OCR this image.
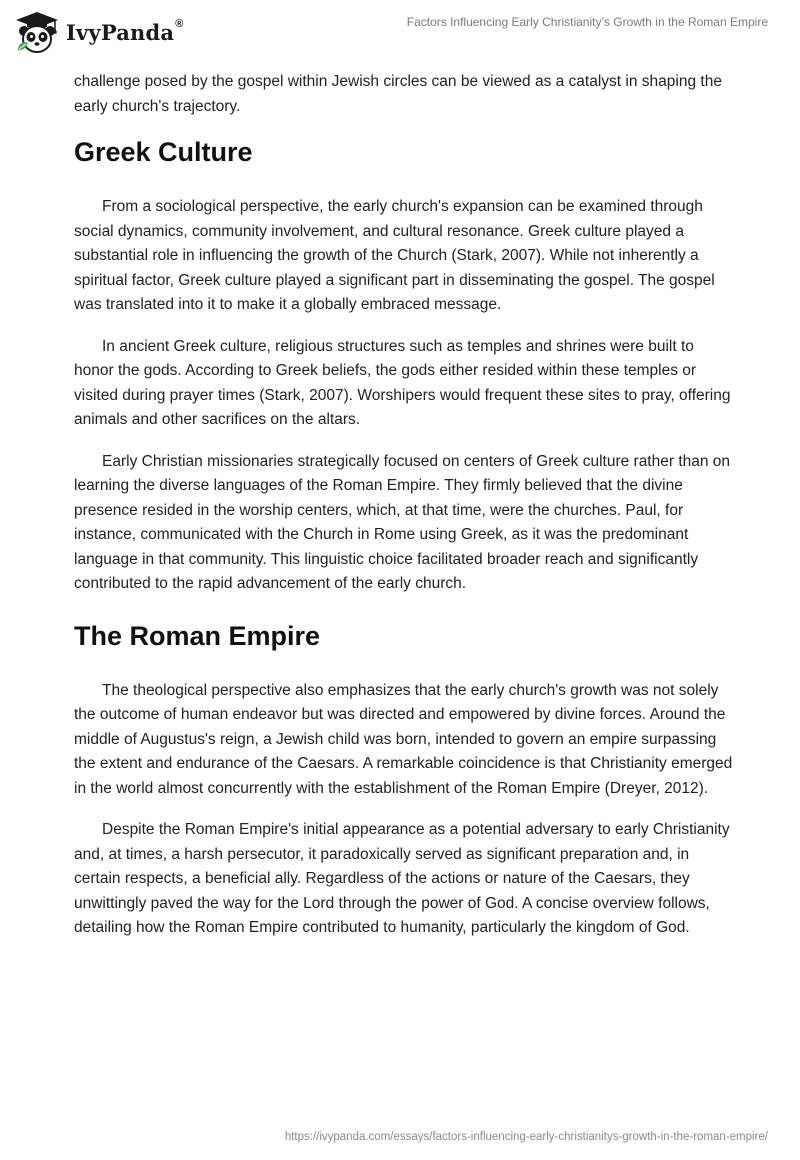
IvyPanda®	Factors Influencing Early Christianity’s Growth in the Roman Empire

challenge posed by the gospel within Jewish circles can be viewed as a catalyst in shaping the early church's trajectory.

Greek Culture

From a sociological perspective, the early church's expansion can be examined through social dynamics, community involvement, and cultural resonance. Greek culture played a substantial role in influencing the growth of the Church (Stark, 2007). While not inherently a spiritual factor, Greek culture played a significant part in disseminating the gospel. The gospel was translated into it to make it a globally embraced message.

In ancient Greek culture, religious structures such as temples and shrines were built to honor the gods. According to Greek beliefs, the gods either resided within these temples or visited during prayer times (Stark, 2007). Worshipers would frequent these sites to pray, offering animals and other sacrifices on the altars.

Early Christian missionaries strategically focused on centers of Greek culture rather than on learning the diverse languages of the Roman Empire. They firmly believed that the divine presence resided in the worship centers, which, at that time, were the churches. Paul, for instance, communicated with the Church in Rome using Greek, as it was the predominant language in that community. This linguistic choice facilitated broader reach and significantly contributed to the rapid advancement of the early church.

The Roman Empire

The theological perspective also emphasizes that the early church's growth was not solely the outcome of human endeavor but was directed and empowered by divine forces. Around the middle of Augustus's reign, a Jewish child was born, intended to govern an empire surpassing the extent and endurance of the Caesars. A remarkable coincidence is that Christianity emerged in the world almost concurrently with the establishment of the Roman Empire (Dreyer, 2012).

Despite the Roman Empire's initial appearance as a potential adversary to early Christianity and, at times, a harsh persecutor, it paradoxically served as significant preparation and, in certain respects, a beneficial ally. Regardless of the actions or nature of the Caesars, they unwittingly paved the way for the Lord through the power of God. A concise overview follows, detailing how the Roman Empire contributed to humanity, particularly the kingdom of God.

https://ivypanda.com/essays/factors-influencing-early-christianitys-growth-in-the-roman-empire/
